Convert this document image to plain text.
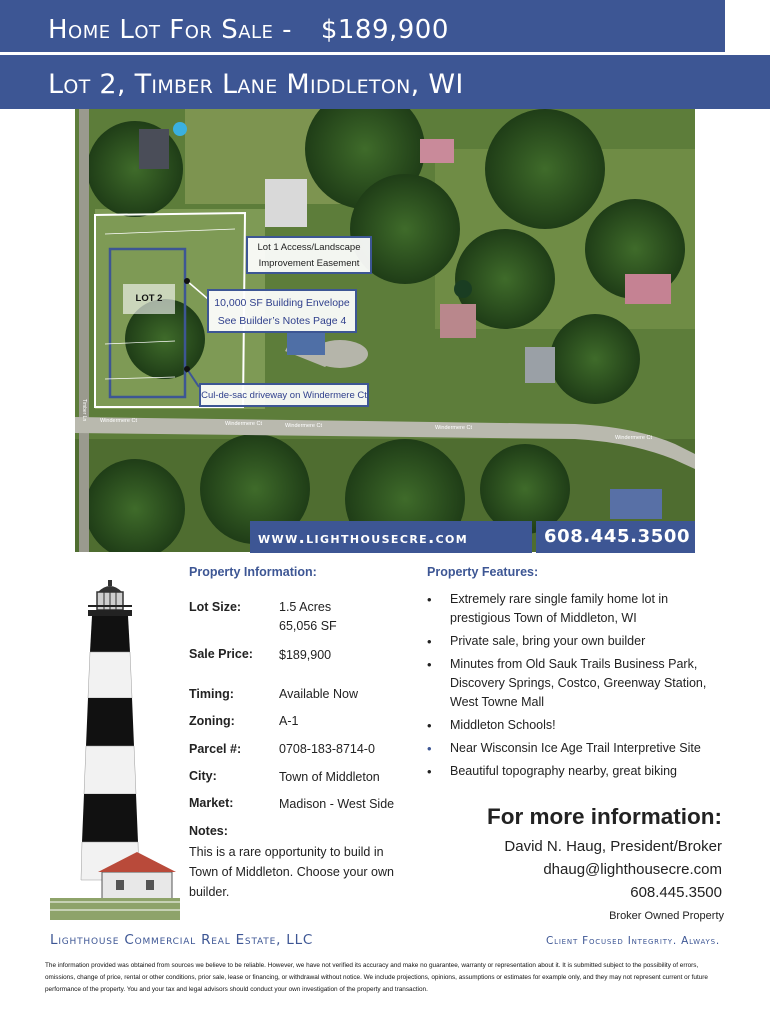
Home Lot For Sale - $189,900
Lot 2, Timber Lane Middleton, WI
LOT 2
Windermere Ct	Windermere Ct	Windermere Ct	Windermere Ct
Windermere Ct
Timber Ln
Lot 1 Access/Landscape
Improvement Easement
10,000 SF Building Envelope
See Builder’s Notes Page 4
Cul-de-sac driveway on Windermere Ct
www.lighthousecre.com	608.445.3500
Property Information:
Lot Size:	1.5 Acres
65,056 SF
Sale Price: $189,900
Timing:	Available Now
Zoning:	A-1
Parcel #:	0708-183-8714-0
City:	Town of Middleton
Market:	Madison - West Side
Notes:
This is a rare opportunity to build in Town of Middleton. Choose your own builder.
Property Features:
• Extremely rare single family home lot in prestigious Town of Middleton, WI
• Private sale, bring your own builder
• Minutes from Old Sauk Trails Business Park, Discovery Springs, Costco, Greenway Station, West Towne Mall
• Middleton Schools!
• Near Wisconsin Ice Age Trail Interpretive Site
• Beautiful topography nearby, great biking
For more information:
David N. Haug, President/Broker
dhaug@lighthousecre.com
608.445.3500
Broker Owned Property
Lighthouse Commercial Real Estate, LLC	Client Focused Integrity. Always.
The information provided was obtained from sources we believe to be reliable. However, we have not verified its accuracy and make no guarantee, warranty or representation about it. It is submitted subject to the possibility of errors, omissions, change of price, rental or other conditions, prior sale, lease or financing, or withdrawal without notice. We include projections, opinions, assumptions or estimates for example only, and they may not represent current or future performance of the property. You and your tax and legal advisors should conduct your own investigation of the property and transaction.
